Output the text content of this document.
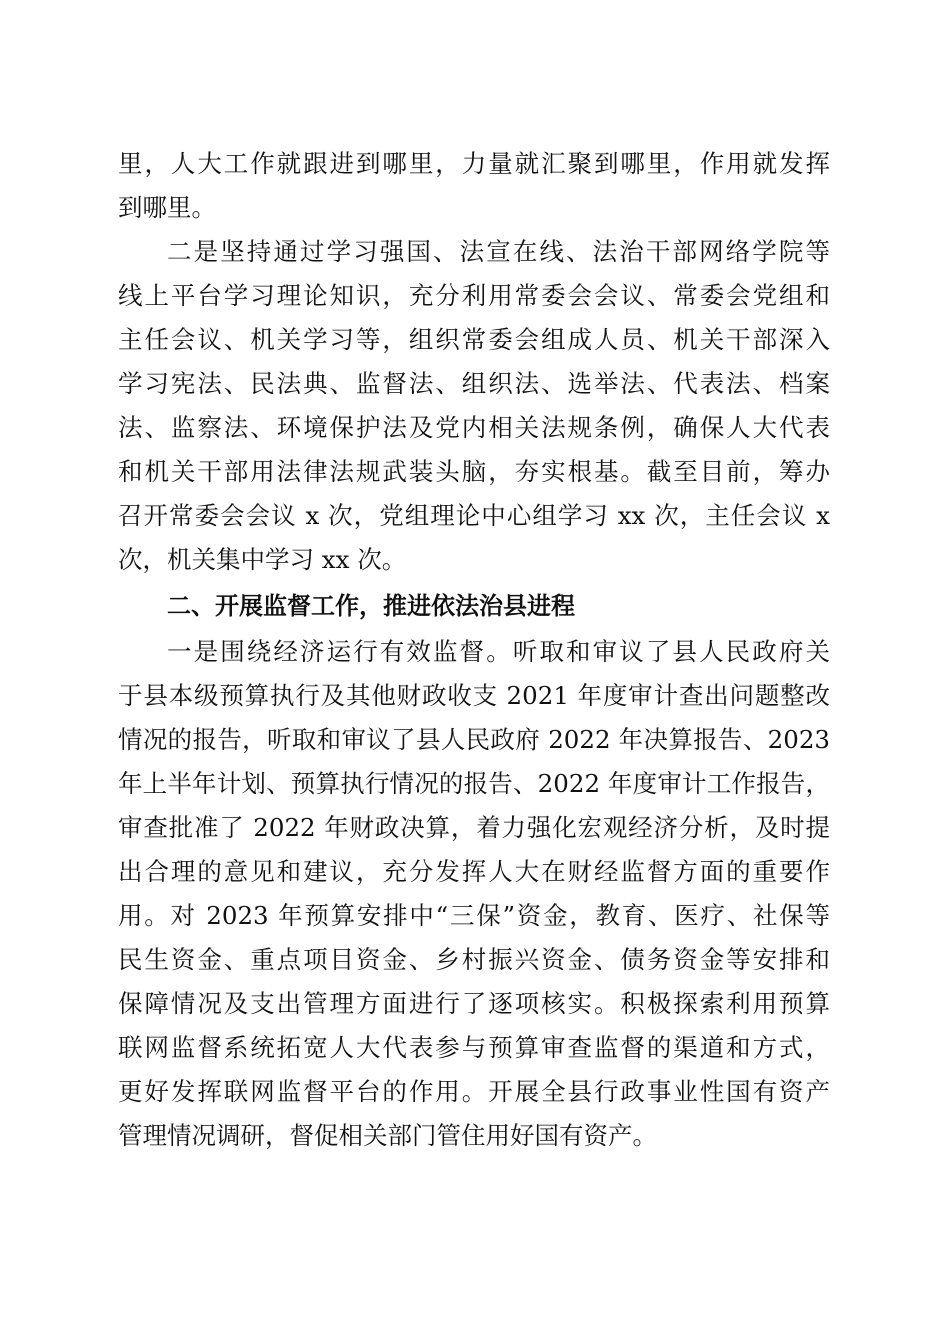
里，人大工作就跟进到哪里，力量就汇聚到哪里，作用就发挥
到哪里。
二是坚持通过学习强国、法宣在线、法治干部网络学院等
线上平台学习理论知识，充分利用常委会会议、常委会党组和
主任会议、机关学习等，组织常委会组成人员、机关干部深入
学习宪法、民法典、监督法、组织法、选举法、代表法、档案
法、监察法、环境保护法及党内相关法规条例，确保人大代表
和机关干部用法律法规武装头脑，夯实根基。截至目前，筹办
召开常委会会议 x 次，党组理论中心组学习 xx 次，主任会议 x
次，机关集中学习 xx 次。
二、开展监督工作，推进依法治县进程
一是围绕经济运行有效监督。听取和审议了县人民政府关
于县本级预算执行及其他财政收支 2021 年度审计查出问题整改
情况的报告，听取和审议了县人民政府 2022 年决算报告、2023
年上半年计划、预算执行情况的报告、2022 年度审计工作报告，
审查批准了 2022 年财政决算，着力强化宏观经济分析，及时提
出合理的意见和建议，充分发挥人大在财经监督方面的重要作
用。对 2023 年预算安排中“三保”资金，教育、医疗、社保等
民生资金、重点项目资金、乡村振兴资金、债务资金等安排和
保障情况及支出管理方面进行了逐项核实。积极探索利用预算
联网监督系统拓宽人大代表参与预算审查监督的渠道和方式，
更好发挥联网监督平台的作用。开展全县行政事业性国有资产
管理情况调研，督促相关部门管住用好国有资产。
